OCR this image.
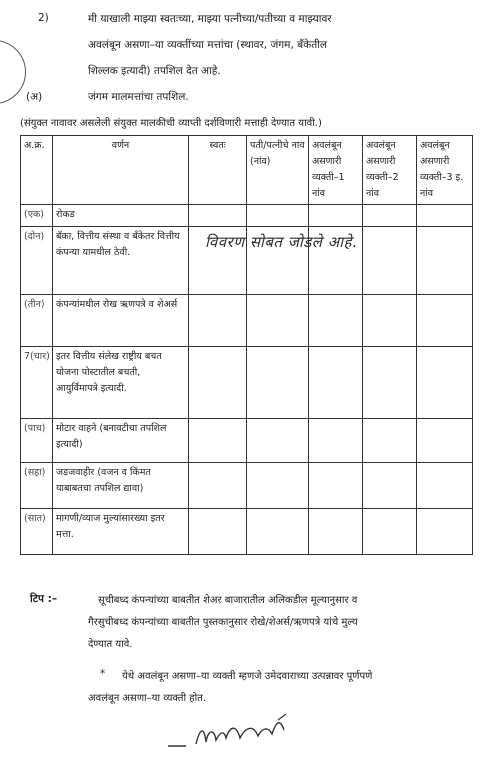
2)	मी याखाली माझ्या स्वतःच्या, माझ्या पत्नीच्या/पतीच्या व माझ्यावर
अवलंबून असणा–या व्यक्तींच्या मत्तांचा (स्थावर, जंगम, बँकेतील
शिल्लक इत्यादी) तपशिल देत आहे.
(अ)	जंगम मालमत्तांचा तपशिल.
(संयुक्त नावावर असलेली संयुक्त मालकीची व्याप्ती दर्शविणारी मत्ताही देण्यात यावी.)
अ.क्र.	वर्णन	स्वतः	पती/पत्नीचे नाव (नांव)	अवलंबून असणारी व्यक्ती–1 नांव	अवलंबून असणारी व्यक्ती–2 नांव	अवलंबून असणारी व्यक्ती–3 इ. नांव
(एक)	रोकड					
(दोन)	बँका, वित्तीय संस्था व बँकेतर वित्तीय कंपन्या यामधील ठेवी.					
(तीन)	कंपन्यांमधील रोख ऋणपत्रे व शेअर्स					
7(चार)	इतर वित्तीय संलेख राष्ट्रीय बचत योजना पोस्टातील बचती, आयुर्विमापत्रे इत्यादी.					
(पाच)	मोटार वाहने (बनावटीचा तपशिल इत्यादी)					
(सहा)	जडजवाहीर (वजन व किंमत याबाबतचा तपशिल द्यावा)					
(सात)	मागणी/व्याज मुल्यांसारख्या इतर मत्ता.					
विवरण सोबत जोडले आहे.
टिप :–	सूचीबध्द कंपन्यांच्या बाबतीत शेअर बाजारातील अलिकडील मूल्यानुसार व
गैरसुचीबध्द कंपन्यांच्या बाबतीत पुस्तकानुसार रोखे/शेअर्स/ऋणपत्रे यांचे मुल्य
देण्यात यावे.
* येथे अवलंबून असणा–या व्यक्ती म्हणजे उमेदवाराच्या उत्पन्नावर पूर्णपणे
अवलंबून असणा–या व्यक्ती होत.
